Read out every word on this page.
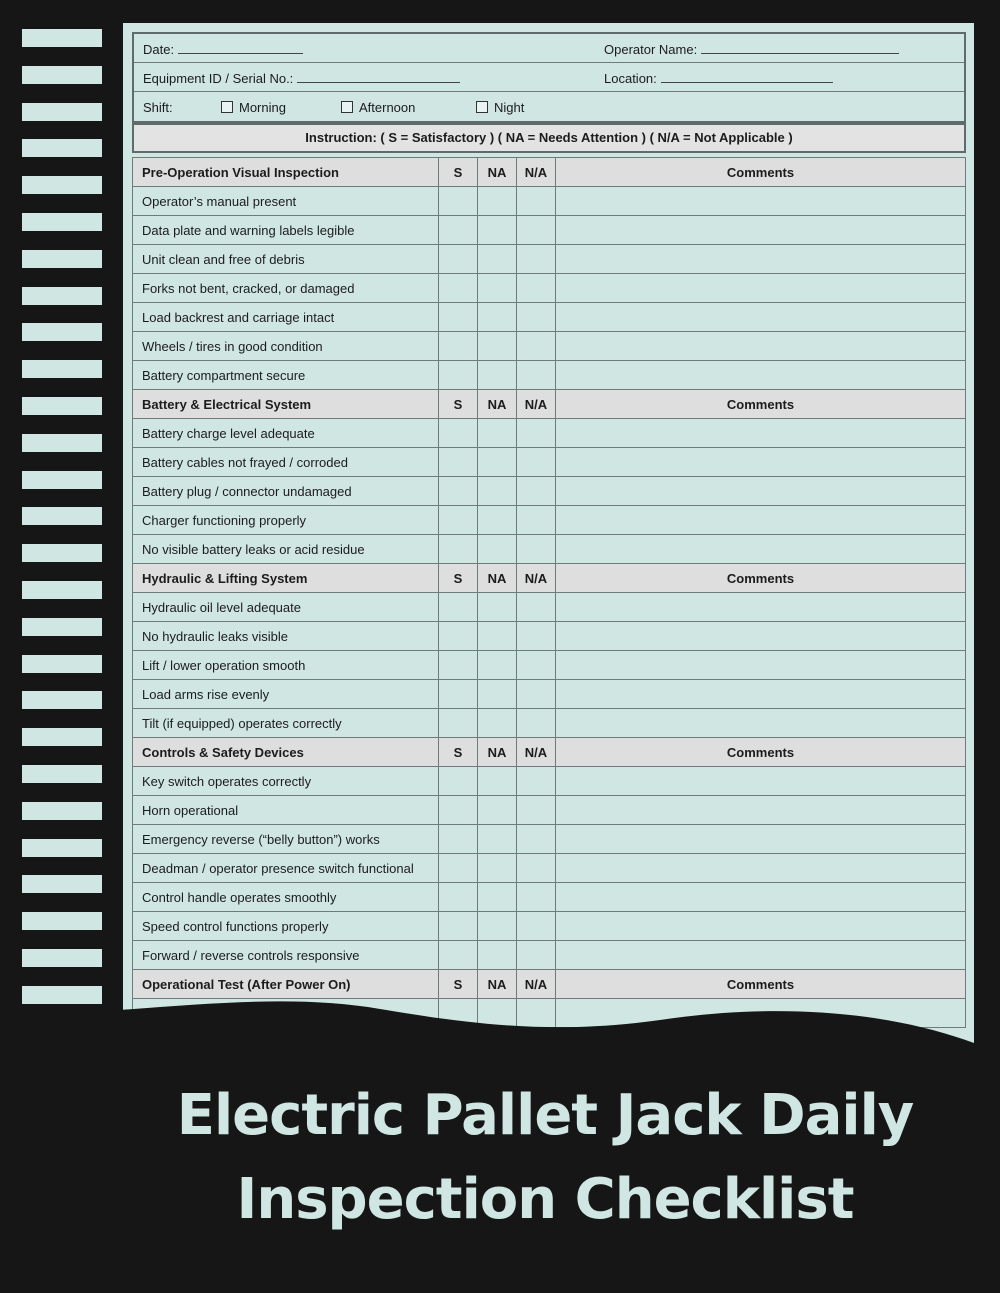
Date:	Operator Name:
Equipment ID / Serial No.:	Location:
Shift:	Morning	Afternoon	Night
Instruction: ( S = Satisfactory ) ( NA = Needs Attention ) ( N/A = Not Applicable )
Pre-Operation Visual Inspection	S	NA	N/A	Comments
Operator’s manual present				
Data plate and warning labels legible				
Unit clean and free of debris				
Forks not bent, cracked, or damaged				
Load backrest and carriage intact				
Wheels / tires in good condition				
Battery compartment secure				
Battery & Electrical System	S	NA	N/A	Comments
Battery charge level adequate				
Battery cables not frayed / corroded				
Battery plug / connector undamaged				
Charger functioning properly				
No visible battery leaks or acid residue				
Hydraulic & Lifting System	S	NA	N/A	Comments
Hydraulic oil level adequate				
No hydraulic leaks visible				
Lift / lower operation smooth				
Load arms rise evenly				
Tilt (if equipped) operates correctly				
Controls & Safety Devices	S	NA	N/A	Comments
Key switch operates correctly				
Horn operational				
Emergency reverse (“belly button”) works				
Deadman / operator presence switch functional				
Control handle operates smoothly				
Speed control functions properly				
Forward / reverse controls responsive				
Operational Test (After Power On)	S	NA	N/A	Comments

Electric Pallet Jack Daily
Inspection Checklist
